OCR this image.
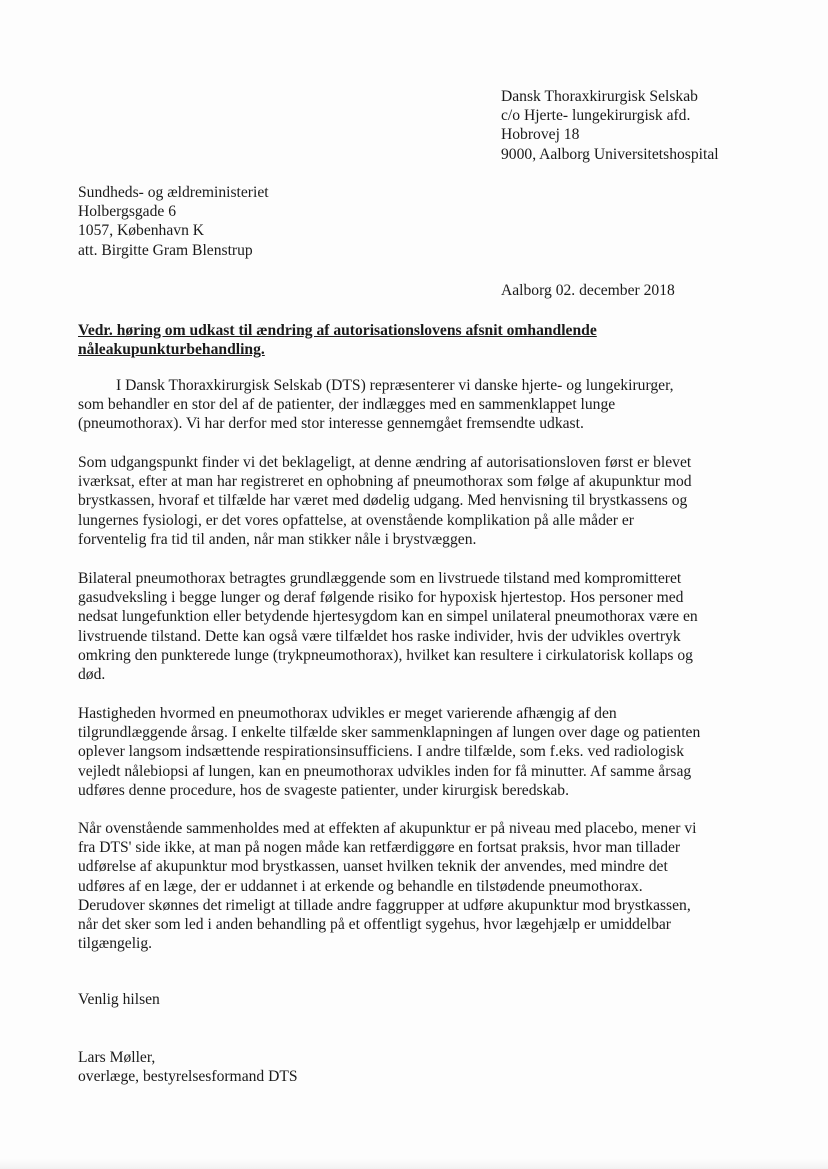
Dansk Thoraxkirurgisk Selskab
c/o Hjerte- lungekirurgisk afd.
Hobrovej 18
9000, Aalborg Universitetshospital
Sundheds- og ældreministeriet
Holbergsgade 6
1057, København K
att. Birgitte Gram Blenstrup
Aalborg 02. december 2018
Vedr. høring om udkast til ændring af autorisationslovens afsnit omhandlende
nåleakupunkturbehandling.
I Dansk Thoraxkirurgisk Selskab (DTS) repræsenterer vi danske hjerte- og lungekirurger,
som behandler en stor del af de patienter, der indlægges med en sammenklappet lunge
(pneumothorax). Vi har derfor med stor interesse gennemgået fremsendte udkast.
Som udgangspunkt finder vi det beklageligt, at denne ændring af autorisationsloven først er blevet
iværksat, efter at man har registreret en ophobning af pneumothorax som følge af akupunktur mod
brystkassen, hvoraf et tilfælde har været med dødelig udgang. Med henvisning til brystkassens og
lungernes fysiologi, er det vores opfattelse, at ovenstående komplikation på alle måder er
forventelig fra tid til anden, når man stikker nåle i brystvæggen.
Bilateral pneumothorax betragtes grundlæggende som en livstruede tilstand med kompromitteret
gasudveksling i begge lunger og deraf følgende risiko for hypoxisk hjertestop. Hos personer med
nedsat lungefunktion eller betydende hjertesygdom kan en simpel unilateral pneumothorax være en
livstruende tilstand. Dette kan også være tilfældet hos raske individer, hvis der udvikles overtryk
omkring den punkterede lunge (trykpneumothorax), hvilket kan resultere i cirkulatorisk kollaps og
død.
Hastigheden hvormed en pneumothorax udvikles er meget varierende afhængig af den
tilgrundlæggende årsag. I enkelte tilfælde sker sammenklapningen af lungen over dage og patienten
oplever langsom indsættende respirationsinsufficiens. I andre tilfælde, som f.eks. ved radiologisk
vejledt nålebiopsi af lungen, kan en pneumothorax udvikles inden for få minutter. Af samme årsag
udføres denne procedure, hos de svageste patienter, under kirurgisk beredskab.
Når ovenstående sammenholdes med at effekten af akupunktur er på niveau med placebo, mener vi
fra DTS' side ikke, at man på nogen måde kan retfærdiggøre en fortsat praksis, hvor man tillader
udførelse af akupunktur mod brystkassen, uanset hvilken teknik der anvendes, med mindre det
udføres af en læge, der er uddannet i at erkende og behandle en tilstødende pneumothorax.
Derudover skønnes det rimeligt at tillade andre faggrupper at udføre akupunktur mod brystkassen,
når det sker som led i anden behandling på et offentligt sygehus, hvor lægehjælp er umiddelbar
tilgængelig.
Venlig hilsen
Lars Møller,
overlæge, bestyrelsesformand DTS
